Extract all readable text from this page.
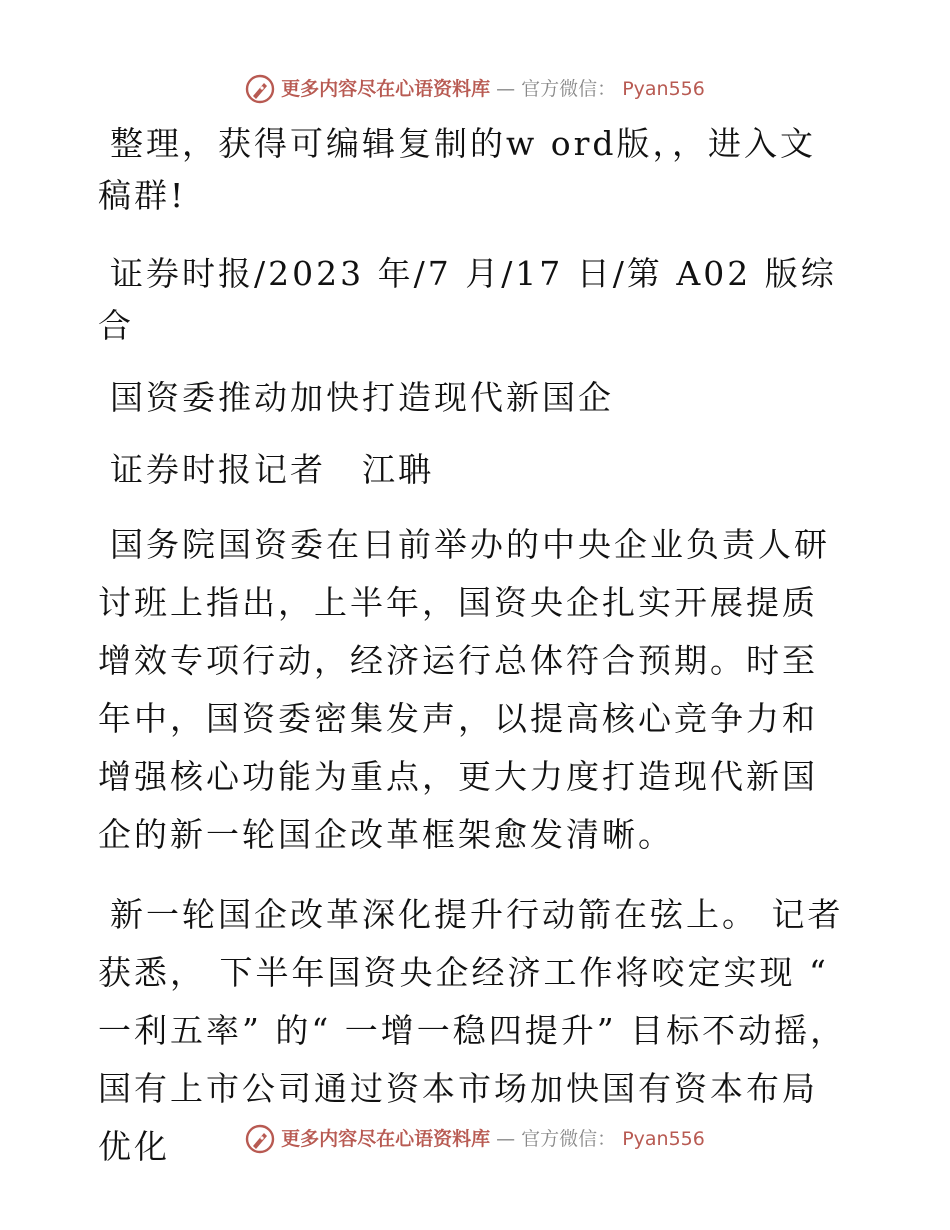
更多内容尽在心语资料库 — 官方微信： Pyan556

整理，获得可编辑复制的w ord版，，进入文稿群!

证券时报/2023 年/7 月/17 日/第 A02 版综合

国资委推动加快打造现代新国企

证券时报记者　江聃

国务院国资委在日前举办的中央企业负责人研讨班上指出，上半年，国资央企扎实开展提质增效专项行动，经济运行总体符合预期。时至年中，国资委密集发声，以提高核心竞争力和增强核心功能为重点，更大力度打造现代新国企的新一轮国企改革框架愈发清晰。

新一轮国企改革深化提升行动箭在弦上。 记者获悉， 下半年国资央企经济工作将咬定实现 “ 一利五率” 的“ 一增一稳四提升” 目标不动摇，国有上市公司通过资本市场加快国有资本布局优化	更多内容尽在心语资料库 — 官方微信： Pyan556
